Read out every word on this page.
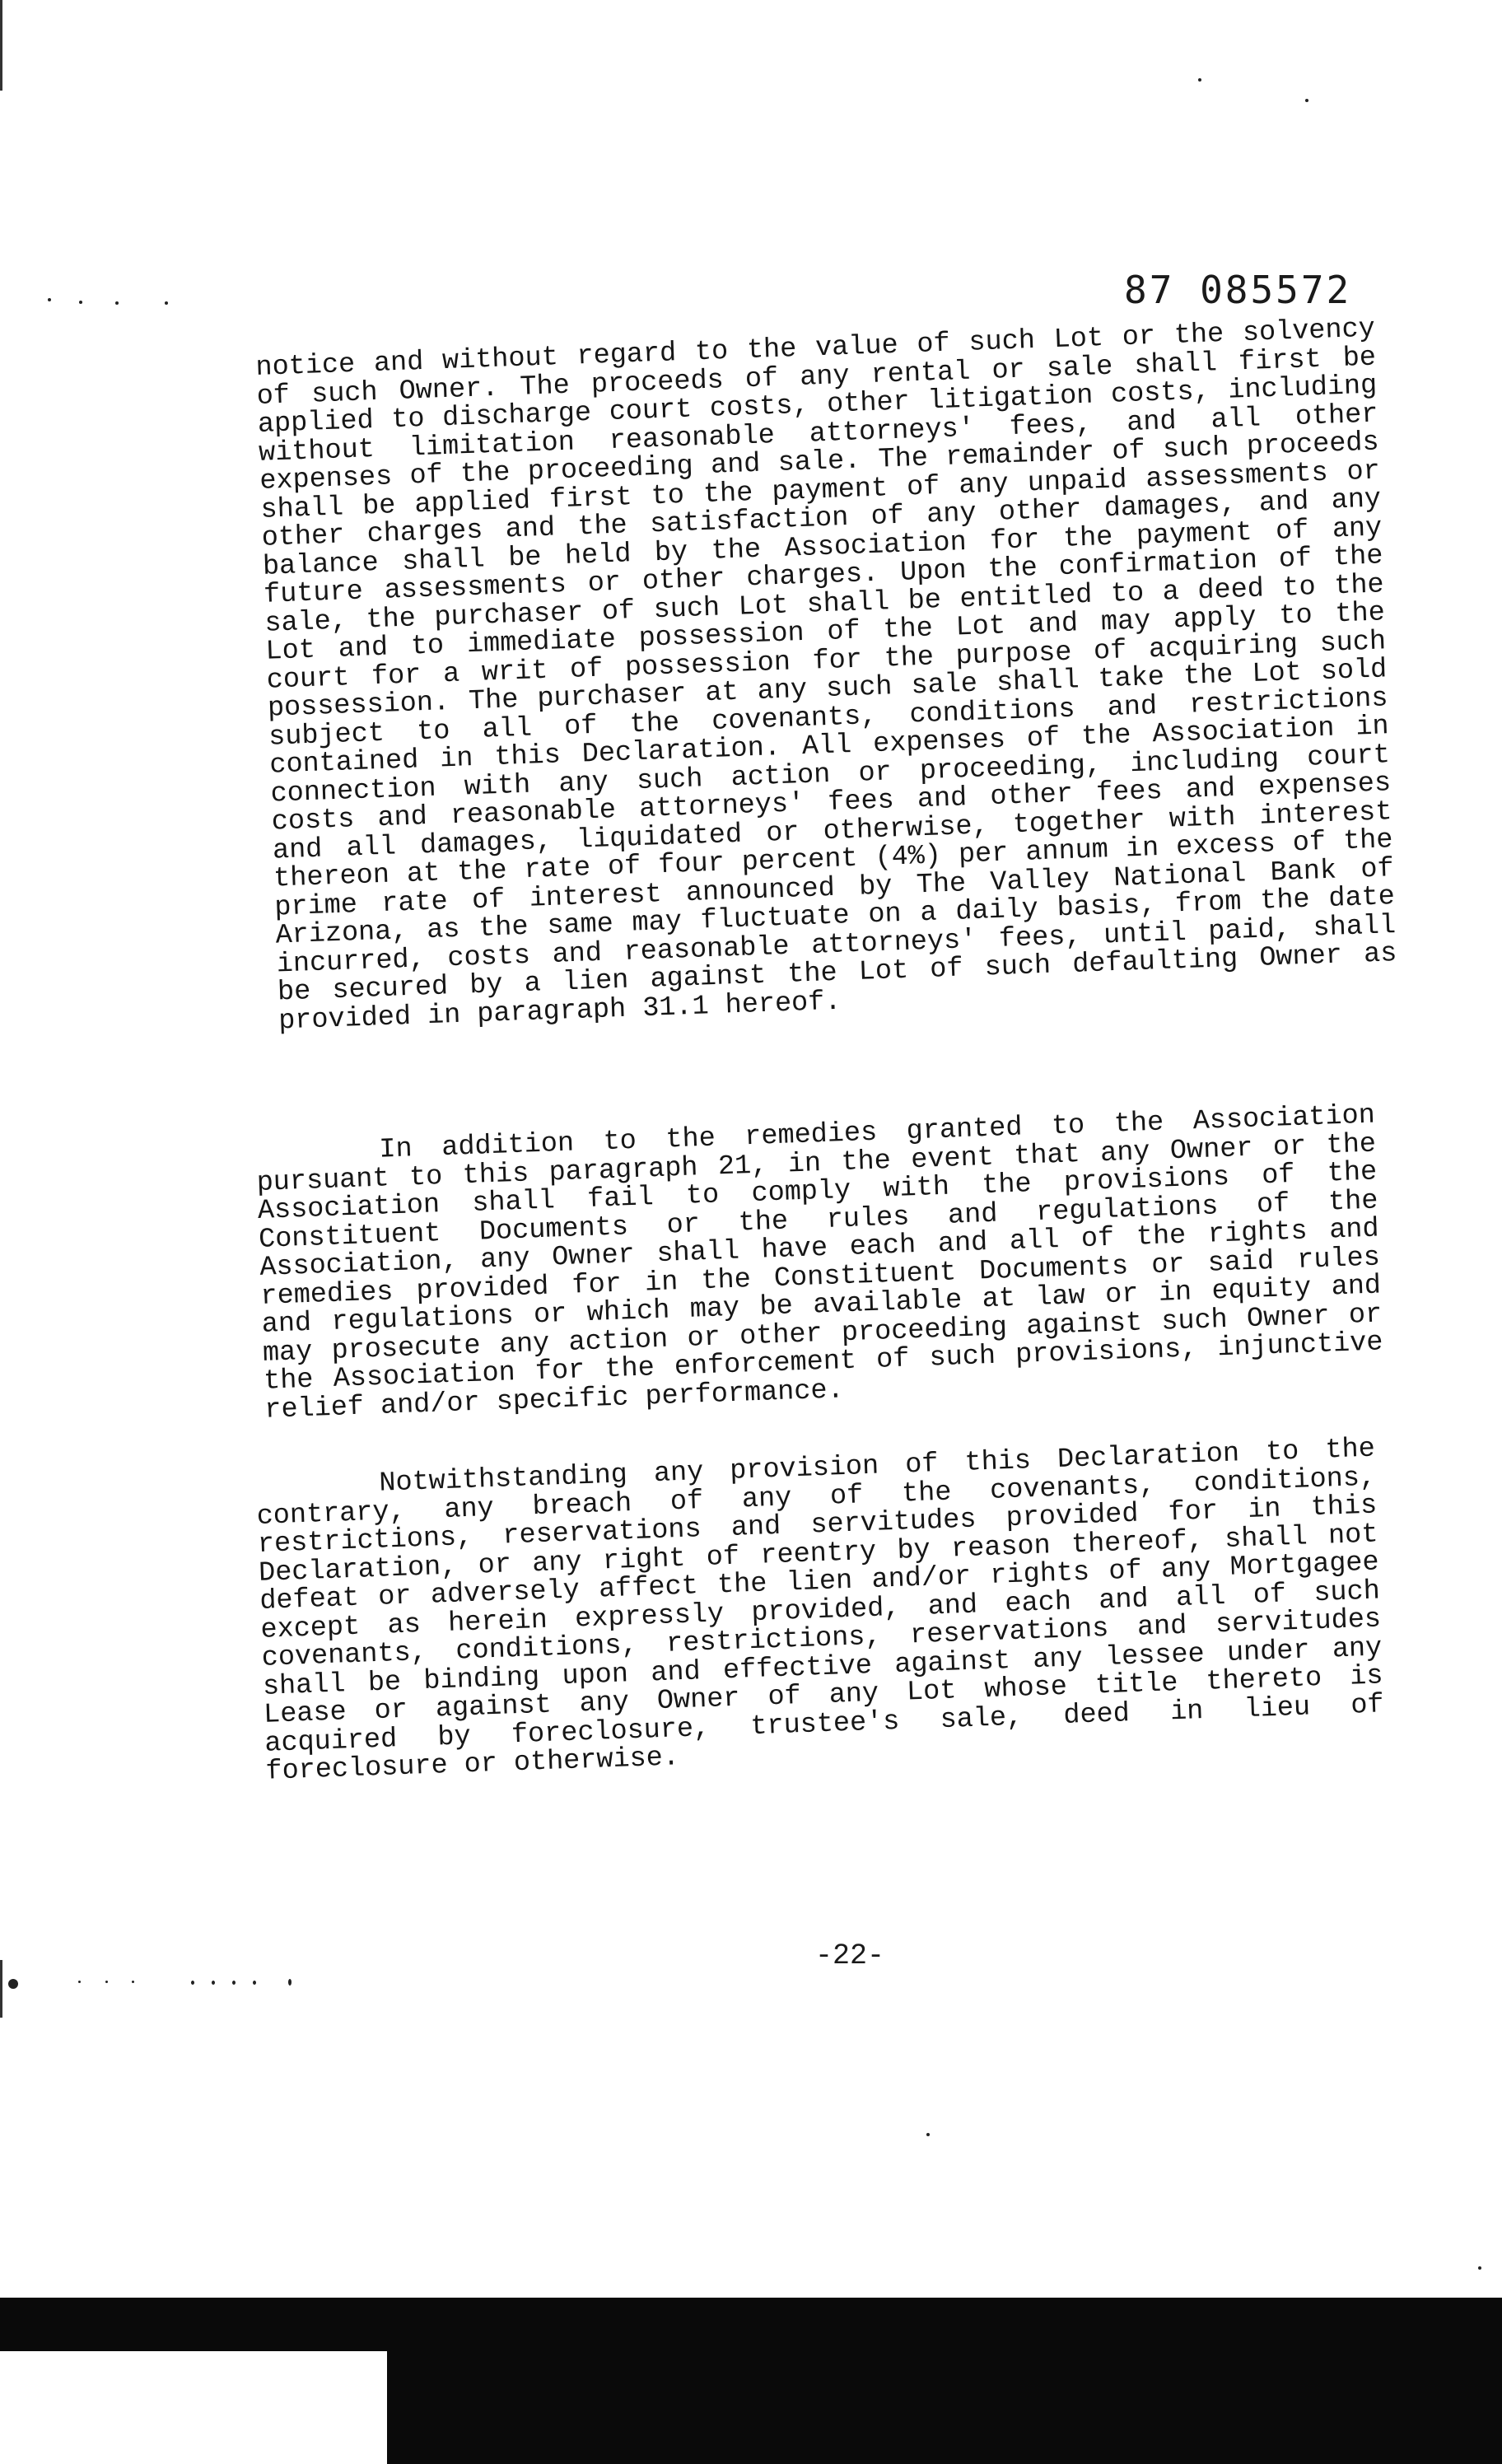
87 085572
notice and without regard to the value of such Lot or the solvency of such Owner. The proceeds of any rental or sale shall first be applied to discharge court costs, other litigation costs, including without limitation reasonable attorneys' fees, and all other expenses of the proceeding and sale. The remainder of such proceeds shall be applied first to the payment of any unpaid assessments or other charges and the satisfaction of any other damages, and any balance shall be held by the Association for the payment of any future assessments or other charges. Upon the confirmation of the sale, the purchaser of such Lot shall be entitled to a deed to the Lot and to immediate possession of the Lot and may apply to the court for a writ of possession for the purpose of acquiring such possession. The purchaser at any such sale shall take the Lot sold subject to all of the covenants, conditions and restrictions contained in this Declaration. All expenses of the Association in connection with any such action or proceeding, including court costs and reasonable attorneys' fees and other fees and expenses and all damages, liquidated or otherwise, together with interest thereon at the rate of four percent (4%) per annum in excess of the prime rate of interest announced by The Valley National Bank of Arizona, as the same may fluctuate on a daily basis, from the date incurred, costs and reasonable attorneys' fees, until paid, shall be secured by a lien against the Lot of such defaulting Owner as provided in paragraph 31.1 hereof.
In addition to the remedies granted to the Association pursuant to this paragraph 21, in the event that any Owner or the Association shall fail to comply with the provisions of the Constituent Documents or the rules and regulations of the Association, any Owner shall have each and all of the rights and remedies provided for in the Constituent Documents or said rules and regulations or which may be available at law or in equity and may prosecute any action or other proceeding against such Owner or the Association for the enforcement of such provisions, injunctive relief and/or specific performance.
Notwithstanding any provision of this Declaration to the contrary, any breach of any of the covenants, conditions, restrictions, reservations and servitudes provided for in this Declaration, or any right of reentry by reason thereof, shall not defeat or adversely affect the lien and/or rights of any Mortgagee except as herein expressly provided, and each and all of such covenants, conditions, restrictions, reservations and servitudes shall be binding upon and effective against any lessee under any Lease or against any Owner of any Lot whose title thereto is acquired by foreclosure, trustee's sale, deed in lieu of foreclosure or otherwise.
-22-
